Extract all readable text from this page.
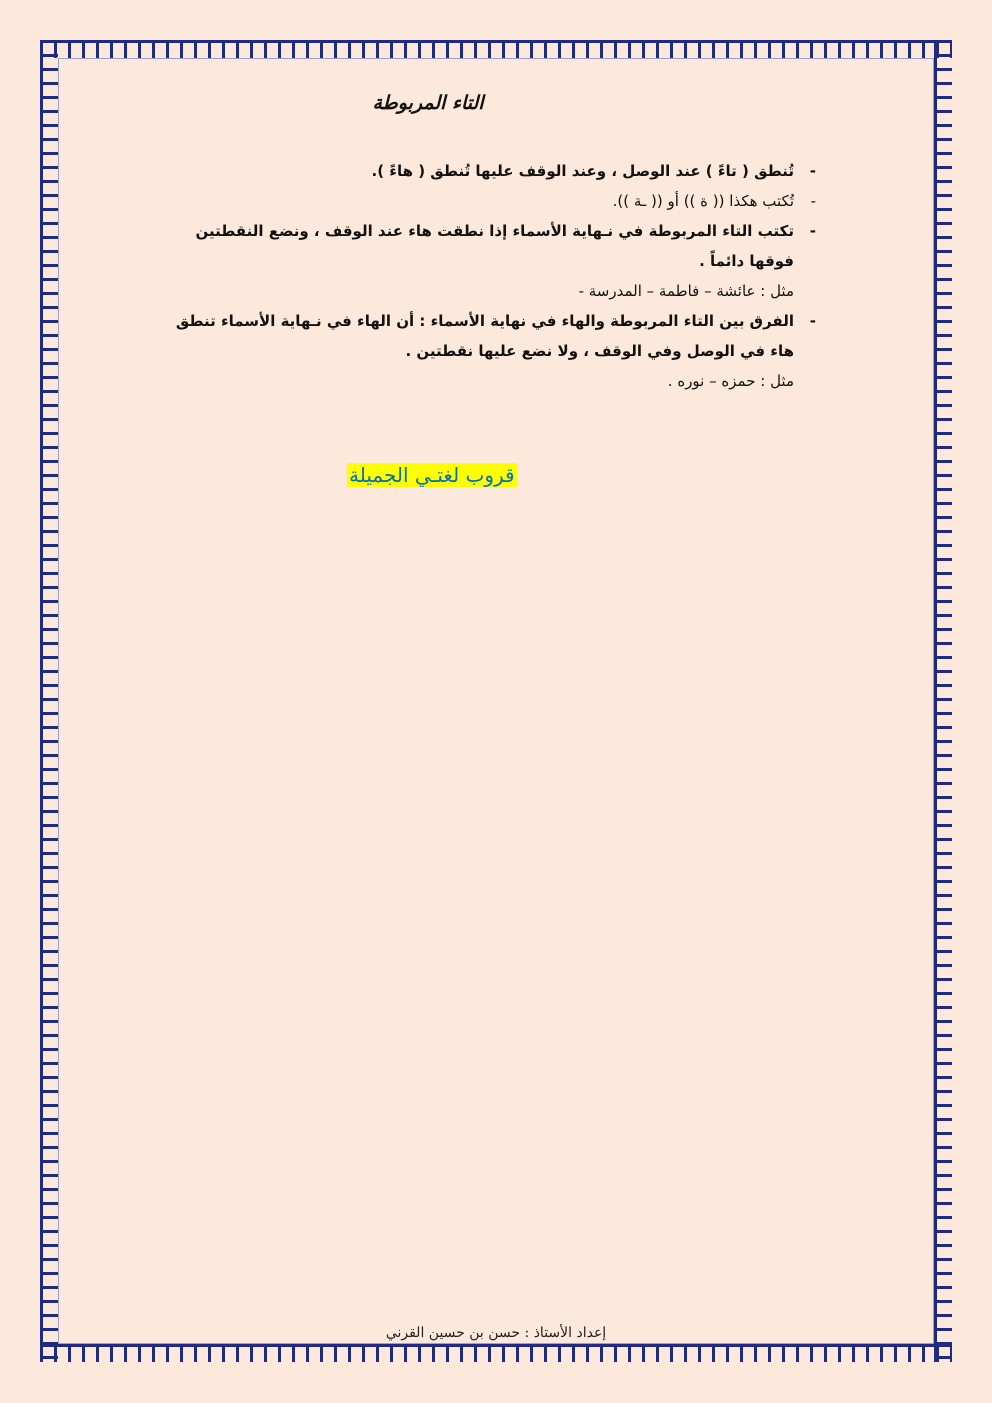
التاء المربوطة
- تُنطق ( تاءً ) عند الوصل ، وعند الوقف عليها تُنطق ( هاءً ).
- تُكتب هكذا (( ة )) أو (( ـة )).
- تكتب التاء المربوطة في نـهاية الأسماء إذا نطقت هاء عند الوقف ، ونضع النقطتين فوقها دائماً .
مثل : عائشة – فاطمة – المدرسة -
- الفرق بين التاء المربوطة والهاء في نهاية الأسماء : أن الهاء في نـهاية الأسماء تنطق هاء في الوصل وفي الوقف ، ولا نضع عليها نقطتين .
مثل : حمزه – نوره .
قروب لغتـي الجميلة
إعداد الأستاذ : حسن بن حسين القرني
